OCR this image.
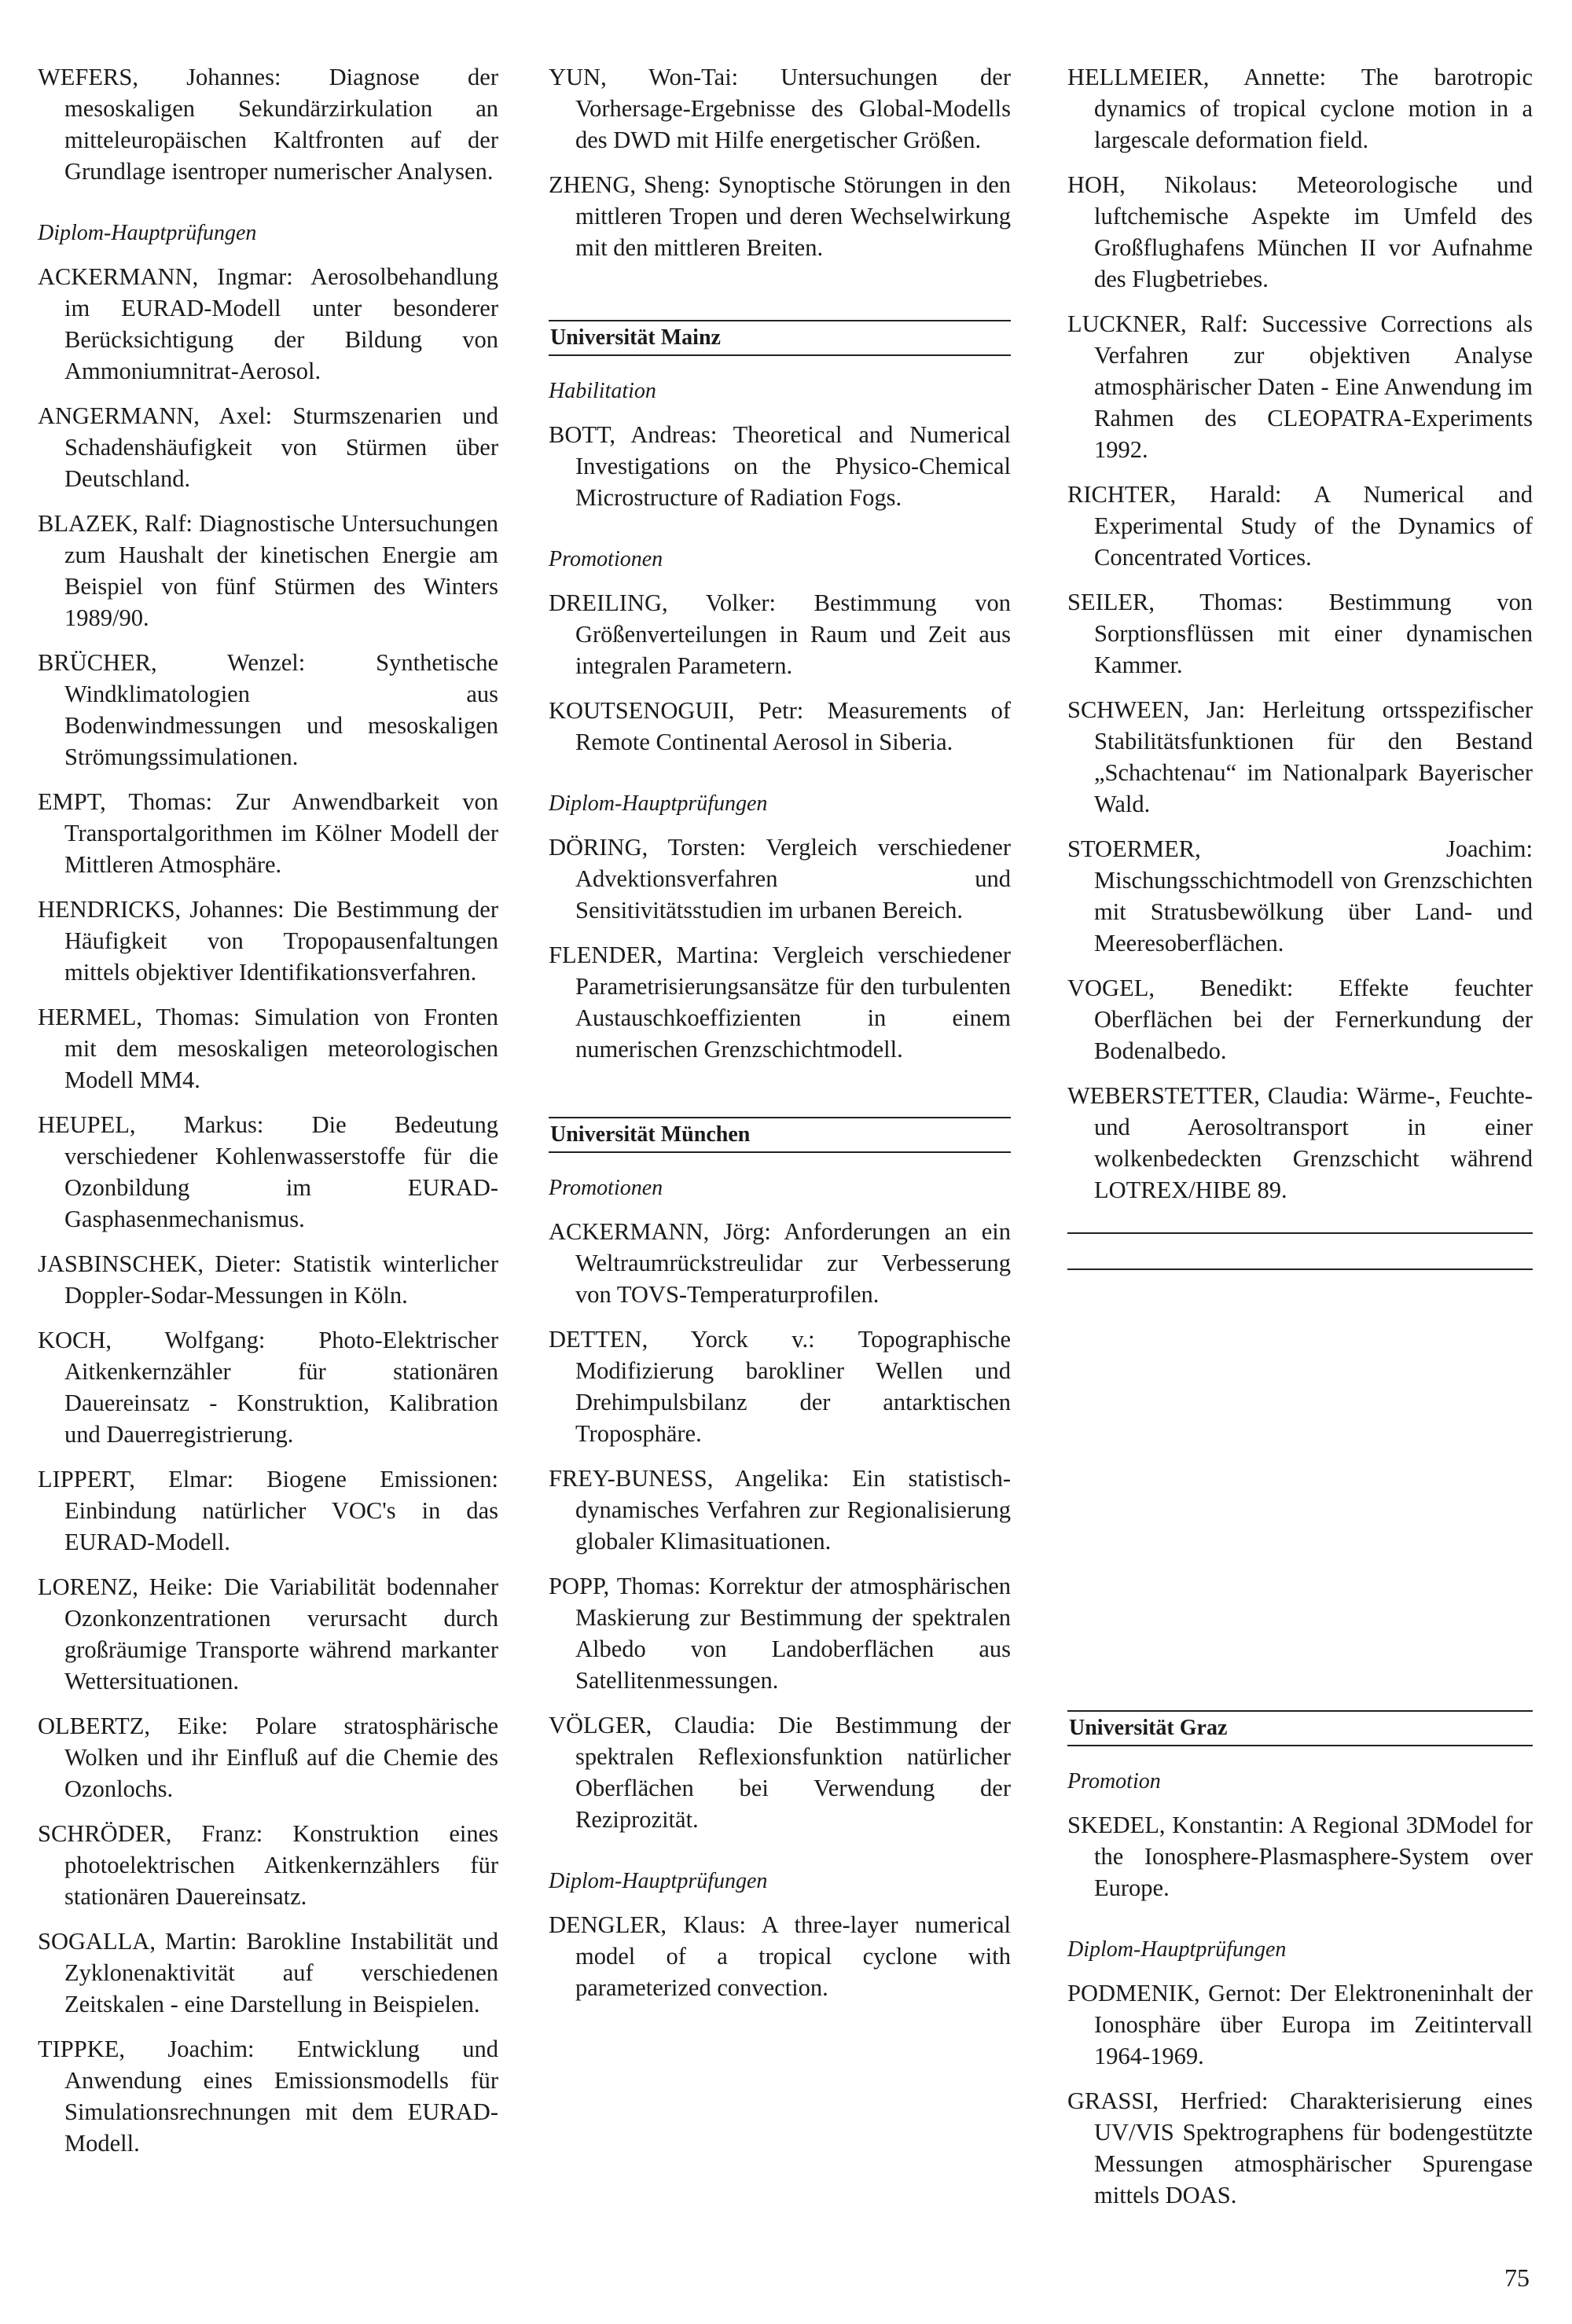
WEFERS, Johannes: Diagnose der mesoskaligen Sekundärzirkulation an mitteleuropäischen Kaltfronten auf der Grundlage isentroper numerischer Analysen.

Diplom-Hauptprüfungen

ACKERMANN, Ingmar: Aerosolbehandlung im EURAD-Modell unter besonderer Berücksichtigung der Bildung von Ammoniumnitrat-Aerosol.

ANGERMANN, Axel: Sturmszenarien und Schadenshäufigkeit von Stürmen über Deutschland.

BLAZEK, Ralf: Diagnostische Untersuchungen zum Haushalt der kinetischen Energie am Beispiel von fünf Stürmen des Winters 1989/90.

BRÜCHER, Wenzel: Synthetische Windklimatologien aus Bodenwindmessungen und mesoskaligen Strömungssimulationen.

EMPT, Thomas: Zur Anwendbarkeit von Transportalgorithmen im Kölner Modell der Mittleren Atmosphäre.

HENDRICKS, Johannes: Die Bestimmung der Häufigkeit von Tropopausenfaltungen mittels objektiver Identifikationsverfahren.

HERMEL, Thomas: Simulation von Fronten mit dem mesoskaligen meteorologischen Modell MM4.

HEUPEL, Markus: Die Bedeutung verschiedener Kohlenwasserstoffe für die Ozonbildung im EURAD-Gasphasenmechanismus.

JASBINSCHEK, Dieter: Statistik winterlicher Doppler-Sodar-Messungen in Köln.

KOCH, Wolfgang: Photo-Elektrischer Aitkenkernzähler für stationären Dauereinsatz - Konstruktion, Kalibration und Dauerregistrierung.

LIPPERT, Elmar: Biogene Emissionen: Einbindung natürlicher VOC's in das EURAD-Modell.

LORENZ, Heike: Die Variabilität bodennaher Ozonkonzentrationen verursacht durch großräumige Transporte während markanter Wettersituationen.

OLBERTZ, Eike: Polare stratosphärische Wolken und ihr Einfluß auf die Chemie des Ozonlochs.

SCHRÖDER, Franz: Konstruktion eines photoelektrischen Aitkenkernzählers für stationären Dauereinsatz.

SOGALLA, Martin: Barokline Instabilität und Zyklonenaktivität auf verschiedenen Zeitskalen - eine Darstellung in Beispielen.

TIPPKE, Joachim: Entwicklung und Anwendung eines Emissionsmodells für Simulationsrechnungen mit dem EURAD-Modell.

YUN, Won-Tai: Untersuchungen der Vorhersage-Ergebnisse des Global-Modells des DWD mit Hilfe energetischer Größen.

ZHENG, Sheng: Synoptische Störungen in den mittleren Tropen und deren Wechselwirkung mit den mittleren Breiten.

Universität Mainz
Habilitation

BOTT, Andreas: Theoretical and Numerical Investigations on the Physico-Chemical Microstructure of Radiation Fogs.

Promotionen

DREILING, Volker: Bestimmung von Größenverteilungen in Raum und Zeit aus integralen Parametern.

KOUTSENOGUII, Petr: Measurements of Remote Continental Aerosol in Siberia.

Diplom-Hauptprüfungen

DÖRING, Torsten: Vergleich verschiedener Advektionsverfahren und Sensitivitätsstudien im urbanen Bereich.

FLENDER, Martina: Vergleich verschiedener Parametrisierungsansätze für den turbulenten Austauschkoeffizienten in einem numerischen Grenzschichtmodell.

Universität München
Promotionen

ACKERMANN, Jörg: Anforderungen an ein Weltraumrückstreulidar zur Verbesserung von TOVS-Temperaturprofilen.

DETTEN, Yorck v.: Topographische Modifizierung barokliner Wellen und Drehimpulsbilanz der antarktischen Troposphäre.

FREY-BUNESS, Angelika: Ein statistisch-dynamisches Verfahren zur Regionalisierung globaler Klimasituationen.

POPP, Thomas: Korrektur der atmosphärischen Maskierung zur Bestimmung der spektralen Albedo von Landoberflächen aus Satellitenmessungen.

VÖLGER, Claudia: Die Bestimmung der spektralen Reflexionsfunktion natürlicher Oberflächen bei Verwendung der Reziprozität.

Diplom-Hauptprüfungen

DENGLER, Klaus: A three-layer numerical model of a tropical cyclone with parameterized convection.

HELLMEIER, Annette: The barotropic dynamics of tropical cyclone motion in a largescale deformation field.

HOH, Nikolaus: Meteorologische und luftchemische Aspekte im Umfeld des Großflughafens München II vor Aufnahme des Flugbetriebes.

LUCKNER, Ralf: Successive Corrections als Verfahren zur objektiven Analyse atmosphärischer Daten - Eine Anwendung im Rahmen des CLEOPATRA-Experiments 1992.

RICHTER, Harald: A Numerical and Experimental Study of the Dynamics of Concentrated Vortices.

SEILER, Thomas: Bestimmung von Sorptionsflüssen mit einer dynamischen Kammer.

SCHWEEN, Jan: Herleitung ortsspezifischer Stabilitätsfunktionen für den Bestand „Schachtenau“ im Nationalpark Bayerischer Wald.

STOERMER, Joachim: Mischungsschichtmodell von Grenzschichten mit Stratusbewölkung über Land- und Meeresoberflächen.

VOGEL, Benedikt: Effekte feuchter Oberflächen bei der Fernerkundung der Bodenalbedo.

WEBERSTETTER, Claudia: Wärme-, Feuchte- und Aerosoltransport in einer wolkenbedeckten Grenzschicht während LOTREX/HIBE 89.

Universität Graz
Promotion

SKEDEL, Konstantin: A Regional 3DModel for the Ionosphere-Plasmasphere-System over Europe.

Diplom-Hauptprüfungen

PODMENIK, Gernot: Der Elektroneninhalt der Ionosphäre über Europa im Zeitintervall 1964-1969.

GRASSI, Herfried: Charakterisierung eines UV/VIS Spektrographens für bodengestützte Messungen atmosphärischer Spurengase mittels DOAS.

75
